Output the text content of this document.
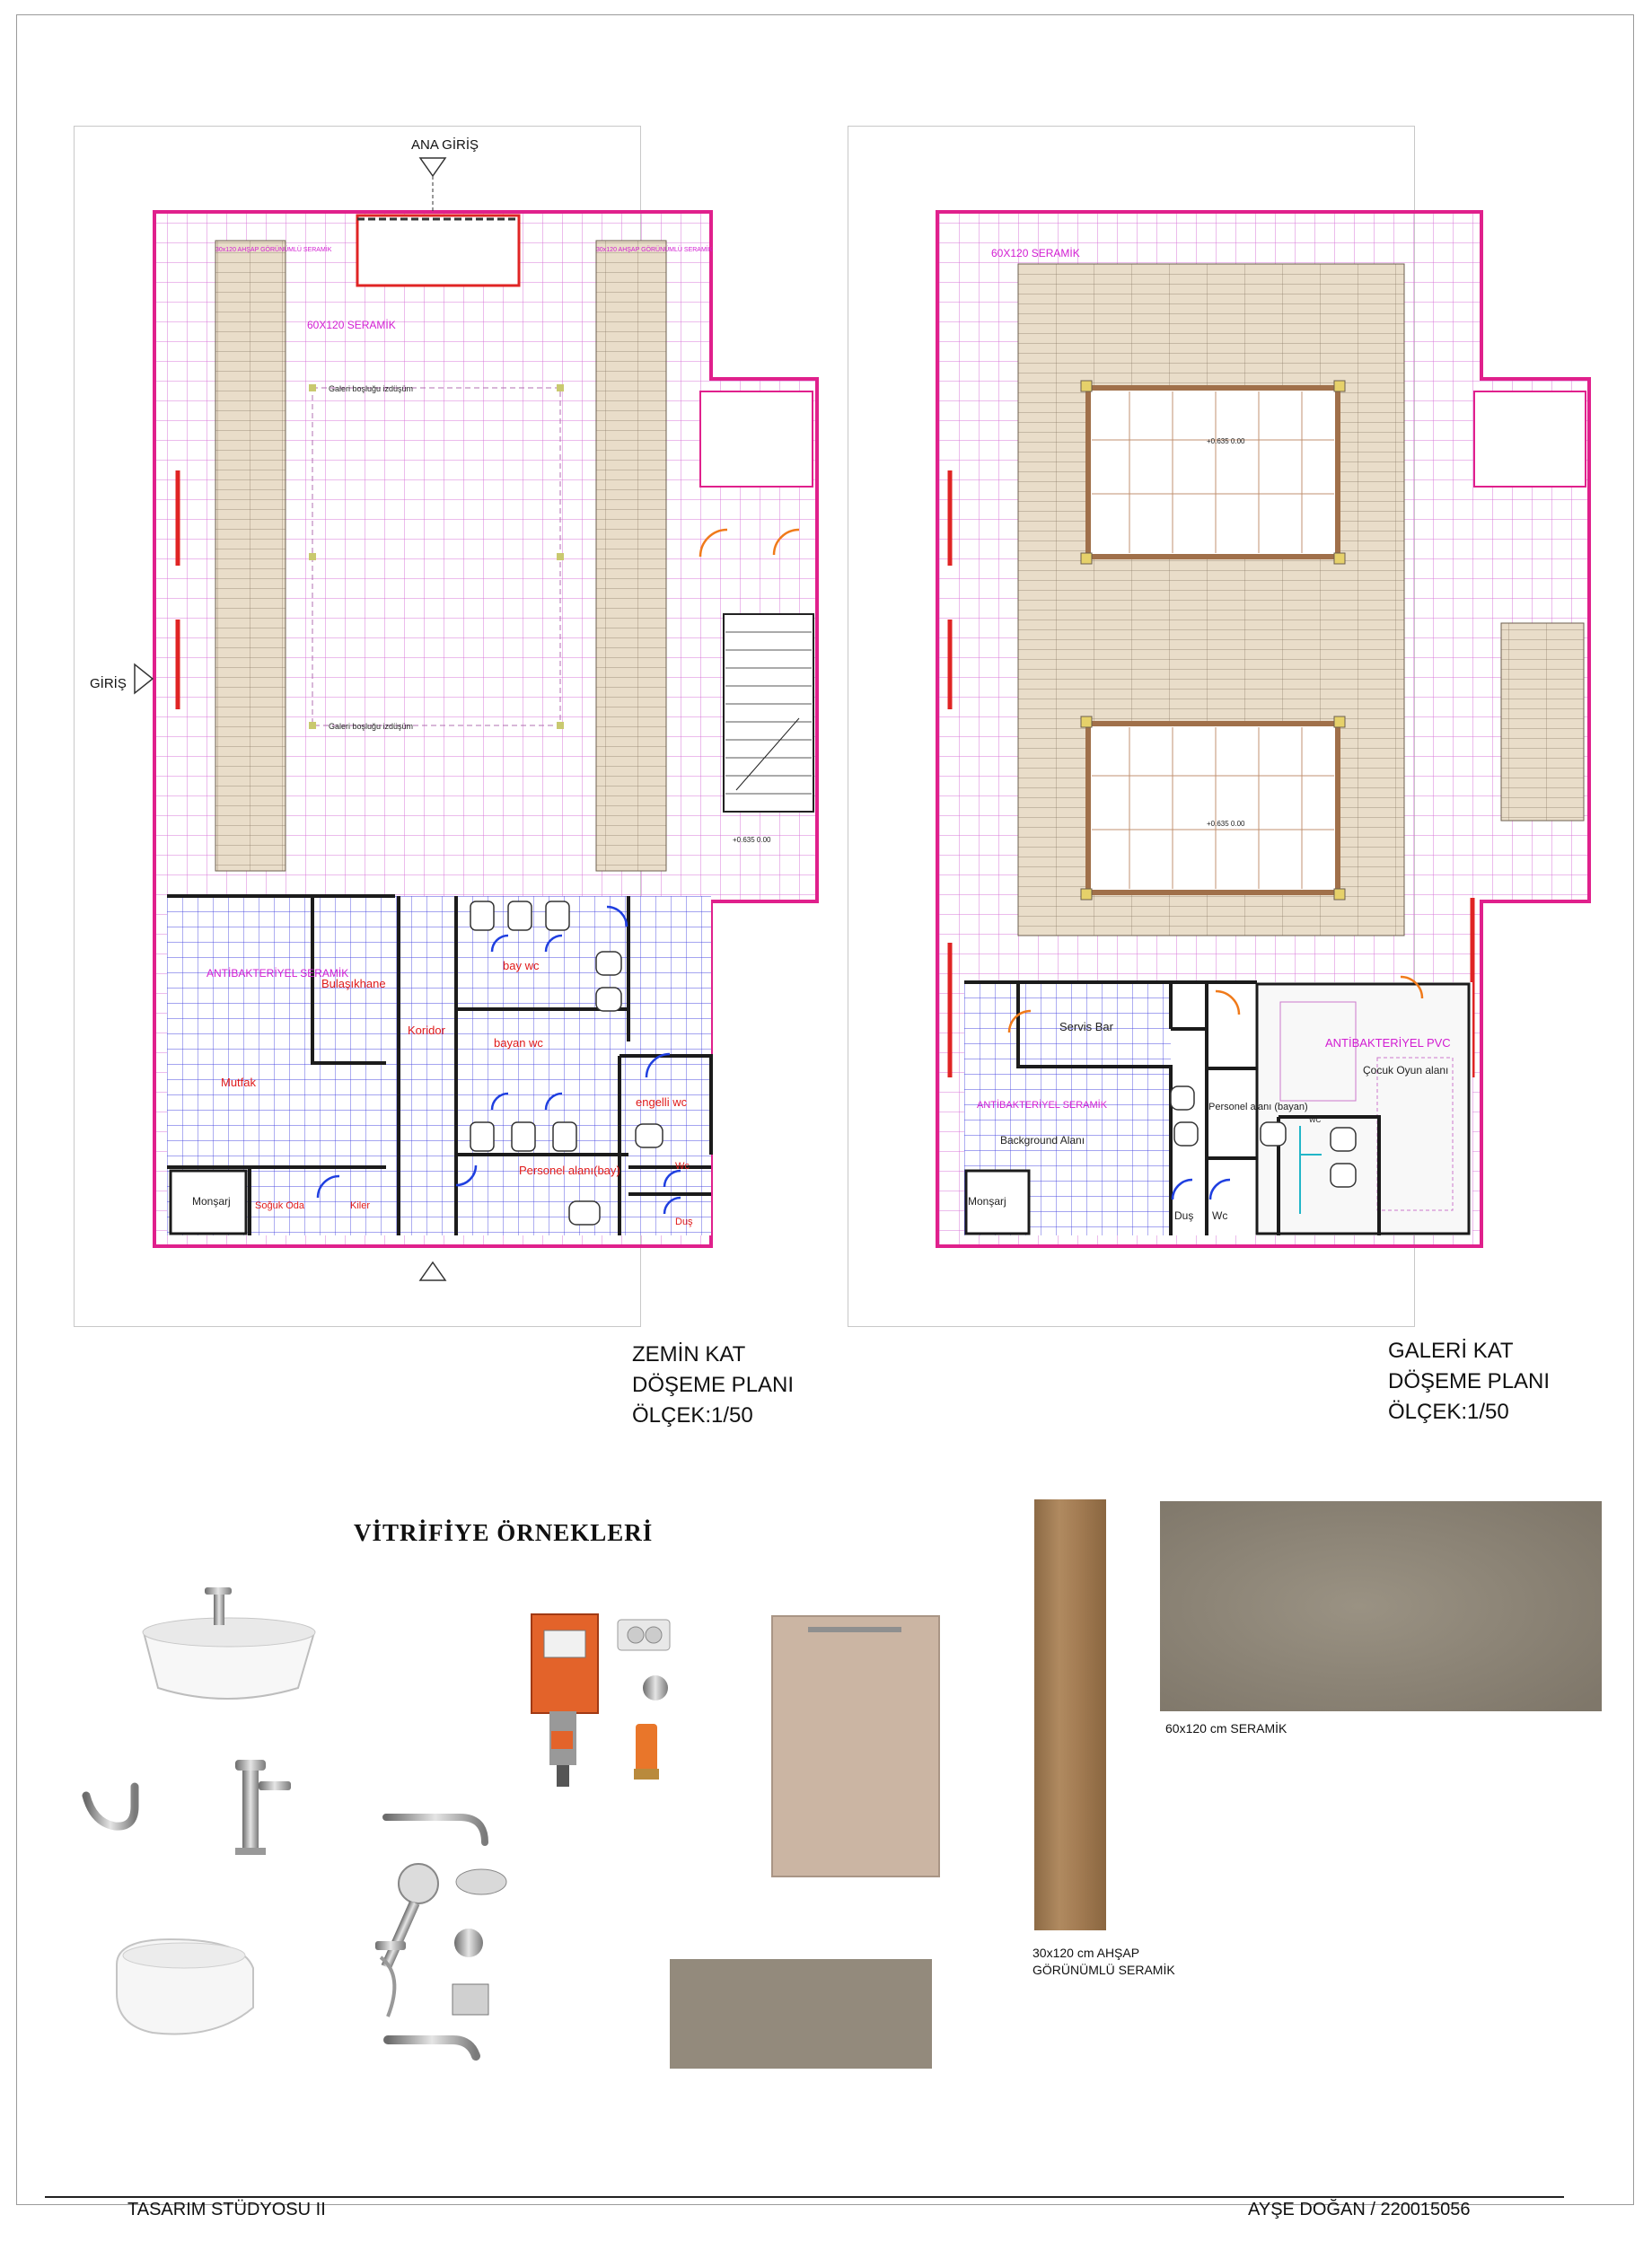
ANA GİRİŞ
GİRİŞ
60X120 SERAMİK
30x120 AHŞAP GÖRÜNÜMLÜ SERAMİK	30x120 AHŞAP GÖRÜNÜMLÜ SERAMİK
Galeri boşluğu izdüşüm
Galeri boşluğu izdüşüm
+0.635 0.00
ANTİBAKTERİYEL SERAMİK
Bulaşıkhane
Koridor
bay wc
bayan wc
Mutfak
engelli wc
Personel alanı(bay)	Wc
Duş
Monşarj Soğuk Oda	Kiler
ZEMİN KAT
DÖŞEME PLANI
ÖLÇEK:1/50
60X120 SERAMİK
+0.635 0.00
+0.635 0.00
Servis Bar
ANTİBAKTERİYEL PVC
Çocuk Oyun alanı
ANTİBAKTERİYEL SERAMİK
Background Alanı
Personel alanı (bayan)
WC
Monşarj
Duş Wc
GALERİ KAT
DÖŞEME PLANI
ÖLÇEK:1/50
VİTRİFİYE ÖRNEKLERİ
30x120 cm AHŞAP
GÖRÜNÜMLÜ SERAMİK
60x120 cm SERAMİK
TASARIM STÜDYOSU II	AYŞE DOĞAN / 220015056
